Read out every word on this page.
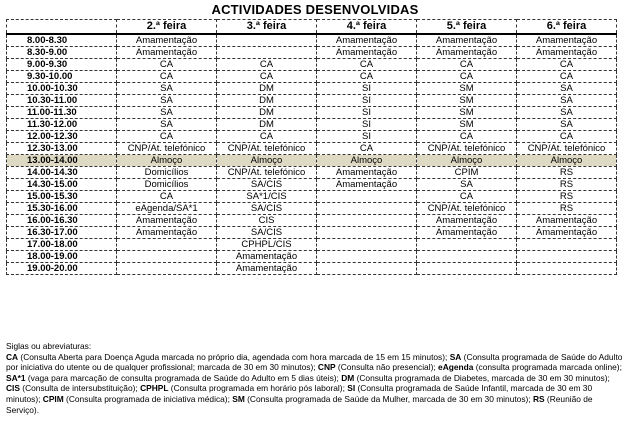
ACTIVIDADES DESENVOLVIDAS
	2.ª feira	3.ª feira	4.ª feira	5.ª feira	6.ª feira
8.00-8.30	Amamentação		Amamentação	Amamentação	Amamentação
8.30-9.00	Amamentação		Amamentação	Amamentação	Amamentação
9.00-9.30	CA	CA	CA	CA	CA
9.30-10.00	CA	CA	CA	CA	CA
10.00-10.30	SA	DM	SI	SM	SA
10.30-11.00	SA	DM	SI	SM	SA
11.00-11.30	SA	DM	SI	SM	SA
11.30-12.00	SA	DM	SI	SM	SA
12.00-12.30	CA	CA	SI	CA	CA
12.30-13.00	CNP/At. telefónico	CNP/At. telefónico	CA	CNP/At. telefónico	CNP/At. telefónico
13.00-14.00	Almoço	Almoço	Almoço	Almoço	Almoço
14.00-14.30	Domicílios	CNP/At. telefónico	Amamentação	CPIM	RS
14.30-15.00	Domicílios	SA/CIS	Amamentação	SA	RS
15.00-15.30	CA	SA*1/CIS		CA	RS
15.30-16.00	eAgenda/SA*1	SA/CIS		CNP/At. telefónico	RS
16.00-16.30	Amamentação	CIS		Amamentação	Amamentação
16.30-17.00	Amamentação	SA/CIS		Amamentação	Amamentação
17.00-18.00		CPHPL/CIS			
18.00-19.00		Amamentação			
19.00-20.00		Amamentação			
Siglas ou abreviaturas:
CA (Consulta Aberta para Doença Aguda marcada no próprio dia, agendada com hora marcada de 15 em 15 minutos); SA (Consulta programada de Saúde do Adulto por iniciativa do utente ou de qualquer profissional; marcada de 30 em 30 minutos); CNP (Consulta não presencial); eAgenda (consulta programada marcada online); SA*1 (vaga para marcação de consulta programada de Saúde do Adulto em 5 dias úteis); DM (Consulta programada de Diabetes, marcada de 30 em 30 minutos); CIS (Consulta de intersubstituição); CPHPL (Consulta programada em horário pós laboral); SI (Consulta programada de Saúde Infantil, marcada de 30 em 30 minutos); CPIM (Consulta programada de iniciativa médica); SM (Consulta programada de Saúde da Mulher, marcada de 30 em 30 minutos); RS (Reunião de Serviço).
